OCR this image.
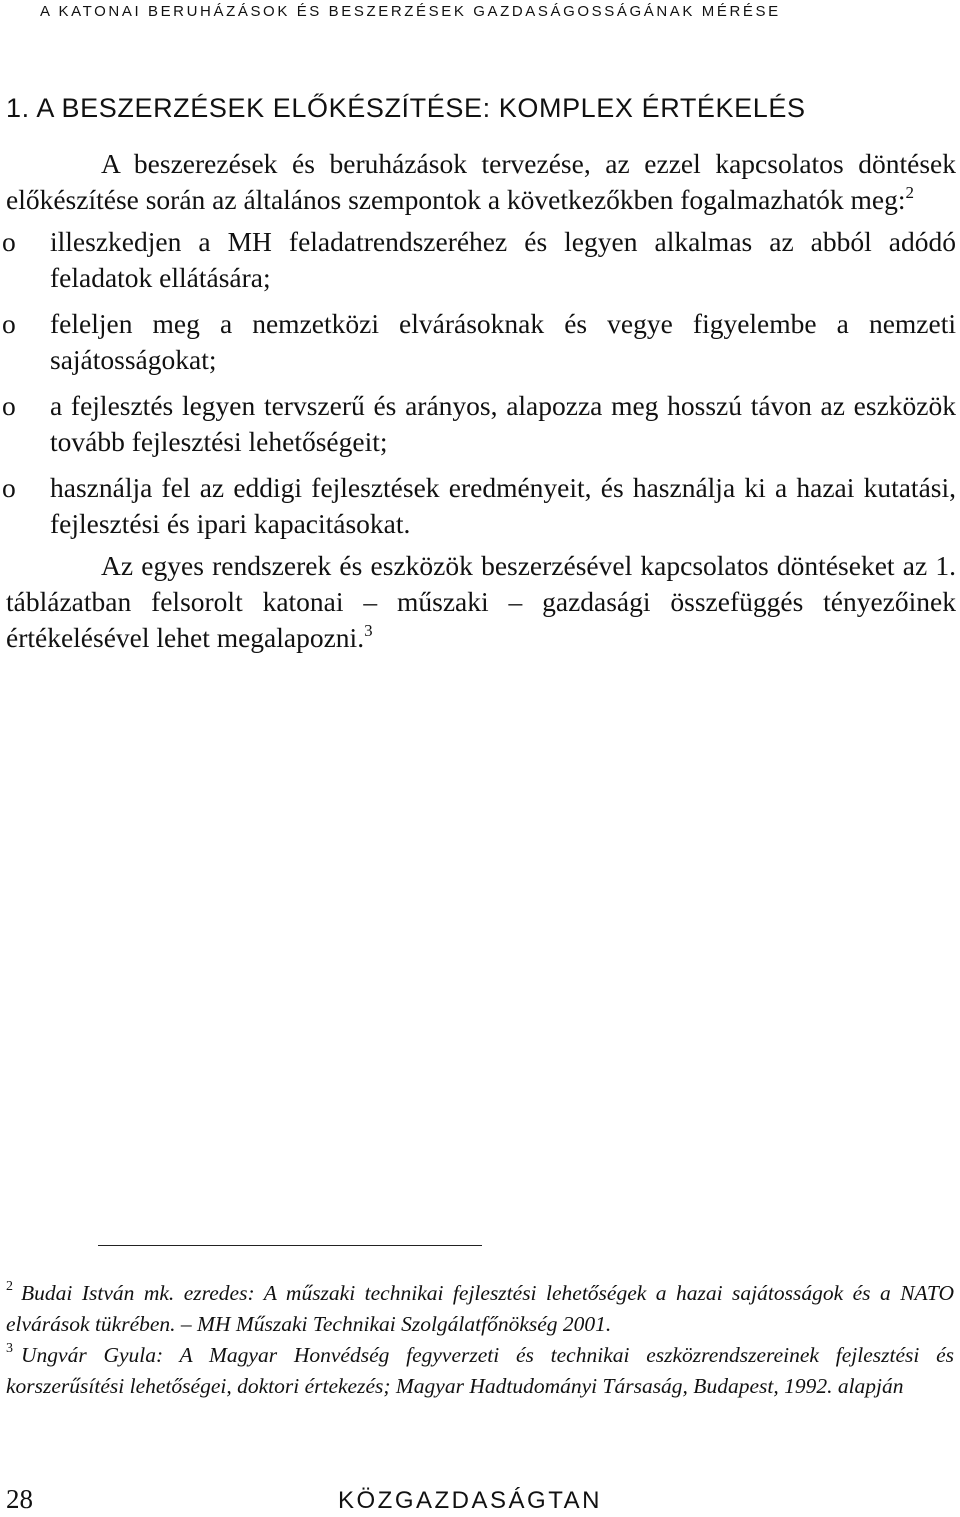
A KATONAI BERUHÁZÁSOK ÉS BESZERZÉSEK GAZDASÁGOSSÁGÁNAK MÉRÉSE
1. A BESZERZÉSEK ELŐKÉSZÍTÉSE: KOMPLEX ÉRTÉKELÉS

A beszerezések és beruházások tervezése, az ezzel kapcsolatos döntések előkészítése során az általános szempontok a következőkben fogalmazhatók meg:$^2$

o illeszkedjen a MH feladatrendszeréhez és legyen alkalmas az abból adódó feladatok ellátására;
o feleljen meg a nemzetközi elvárásoknak és vegye figyelembe a nemzeti sajátosságokat;
o a fejlesztés legyen tervszerű és arányos, alapozza meg hosszú távon az eszközök tovább fejlesztési lehetőségeit;
o használja fel az eddigi fejlesztések eredményeit, és használja ki a hazai kutatási, fejlesztési és ipari kapacitásokat.

Az egyes rendszerek és eszközök beszerzésével kapcsolatos döntéseket az 1. táblázatban felsorolt katonai – műszaki – gazdasági összefüggés tényezőinek értékelésével lehet megalapozni.$^3$

$^2$ Budai István mk. ezredes: A műszaki technikai fejlesztési lehetőségek a hazai sajátosságok és a NATO elvárások tükrében. – MH Műszaki Technikai Szolgálatfőnökség 2001.

$^3$ Ungvár Gyula: A Magyar Honvédség fegyverzeti és technikai eszközrendszereinek fejlesztési és korszerűsítési lehetőségei, doktori értekezés; Magyar Hadtudományi Társaság, Budapest, 1992. alapján

28	KÖZGAZDASÁGTAN
